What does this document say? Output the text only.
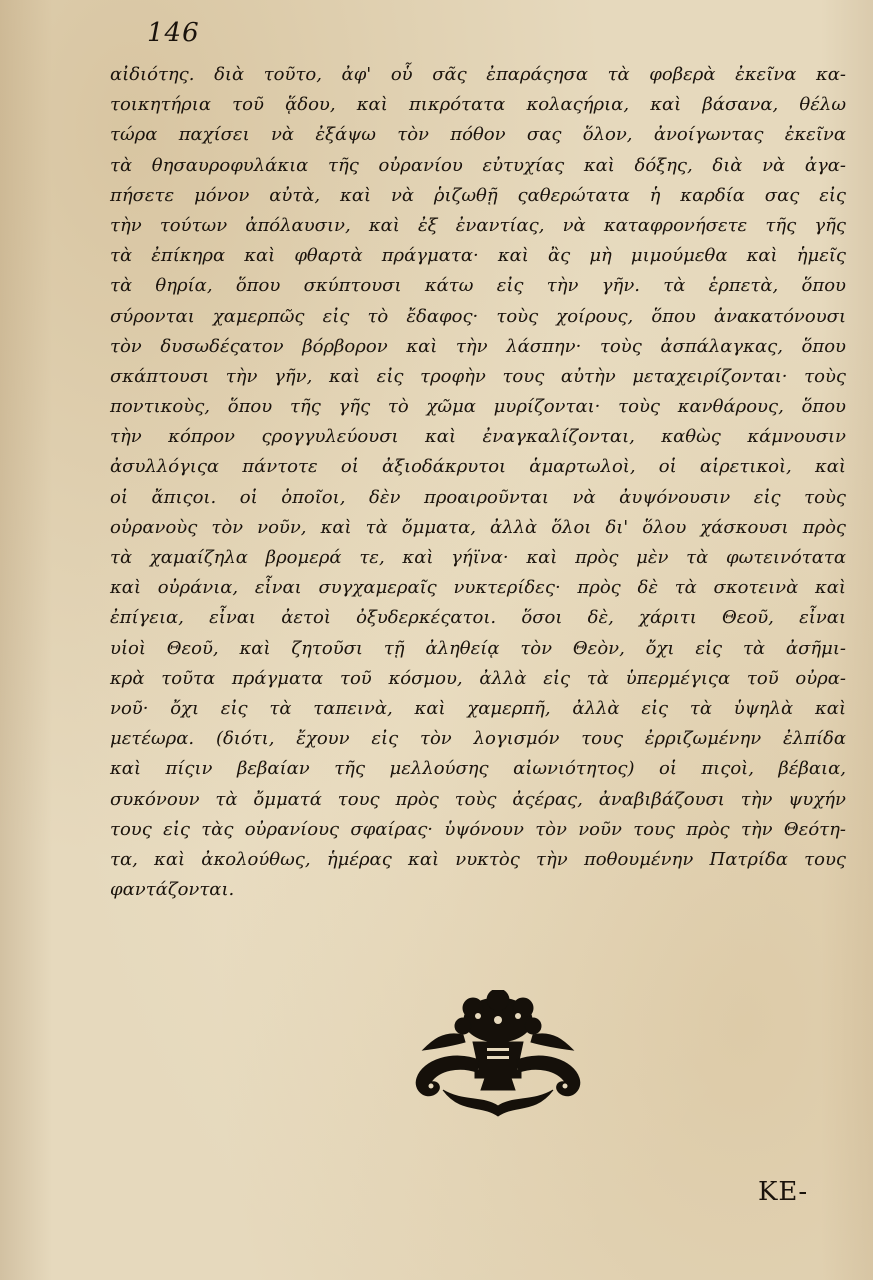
146
αἰδιότης. διὰ τοῦτο, ἀφ' οὗ σᾶς ἐπαράςησα τὰ φοβερὰ ἐκεῖνα κα-
τοικητήρια τοῦ ᾅδου, καὶ πικρότατα κολαςήρια, καὶ βάσανα, θέλω
τώρα παχίσει νὰ ἐξάψω τὸν πόθον σας ὅλον, ἀνοίγωντας ἐκεῖνα
τὰ θησαυροφυλάκια τῆς οὐρανίου εὐτυχίας καὶ δόξης, διὰ νὰ ἀγα-
πήσετε μόνον αὐτὰ, καὶ νὰ ῥιζωθῇ ςαθερώτατα ἡ καρδία σας εἰς
τὴν τούτων ἀπόλαυσιν, καὶ ἐξ ἐναντίας, νὰ καταφρονήσετε τῆς γῆς
τὰ ἐπίκηρα καὶ φθαρτὰ πράγματα· καὶ ἂς μὴ μιμούμεθα καὶ ἡμεῖς
τὰ θηρία, ὅπου σκύπτουσι κάτω εἰς τὴν γῆν. τὰ ἑρπετὰ, ὅπου
σύρονται χαμερπῶς εἰς τὸ ἔδαφος· τοὺς χοίρους, ὅπου ἀνακατόνουσι
τὸν δυσωδέςατον βόρβορον καὶ τὴν λάσπην· τοὺς ἀσπάλαγκας, ὅπου
σκάπτουσι τὴν γῆν, καὶ εἰς τροφὴν τους αὐτὴν μεταχειρίζονται· τοὺς
ποντικοὺς, ὅπου τῆς γῆς τὸ χῶμα μυρίζονται· τοὺς κανθάρους, ὅπου
τὴν κόπρον ςρογγυλεύουσι καὶ ἐναγκαλίζονται, καθὼς κάμνουσιν
ἀσυλλόγιςα πάντοτε οἱ ἀξιοδάκρυτοι ἁμαρτωλοὶ, οἱ αἱρετικοὶ, καὶ
οἱ ἄπιςοι. οἱ ὁποῖοι, δὲν προαιροῦνται νὰ ἀυψόνουσιν εἰς τοὺς
οὐρανοὺς τὸν νοῦν, καὶ τὰ ὄμματα, ἀλλὰ ὅλοι δι' ὅλου χάσκουσι πρὸς
τὰ χαμαίζηλα βρομερά τε, καὶ γήϊνα· καὶ πρὸς μὲν τὰ φωτεινότατα
καὶ οὐράνια, εἶναι συγχαμεραῖς νυκτερίδες· πρὸς δὲ τὰ σκοτεινὰ καὶ
ἐπίγεια, εἶναι ἀετοὶ ὀξυδερκέςατοι. ὅσοι δὲ, χάριτι Θεοῦ, εἶναι
υἱοὶ Θεοῦ, καὶ ζητοῦσι τῇ ἀληθείᾳ τὸν Θεὸν, ὄχι εἰς τὰ ἀσῆμι-
κρὰ τοῦτα πράγματα τοῦ κόσμου, ἀλλὰ εἰς τὰ ὑπερμέγιςα τοῦ οὐρα-
νοῦ· ὄχι εἰς τὰ ταπεινὰ, καὶ χαμερπῆ, ἀλλὰ εἰς τὰ ὑψηλὰ καὶ
μετέωρα. (διότι, ἔχουν εἰς τὸν λογισμόν τους ἐρριζωμένην ἐλπίδα
καὶ πίςιν βεβαίαν τῆς μελλούσης αἰωνιότητος) οἱ πιςοὶ, βέβαια,
συκόνουν τὰ ὄμματά τους πρὸς τοὺς ἀςέρας, ἀναβιβάζουσι τὴν ψυχήν
τους εἰς τὰς οὐρανίους σφαίρας· ὑψόνουν τὸν νοῦν τους πρὸς τὴν Θεότη-
τα, καὶ ἀκολούθως, ἡμέρας καὶ νυκτὸς τὴν ποθουμένην Πατρίδα τους
φαντάζονται.
ΚΕ-
